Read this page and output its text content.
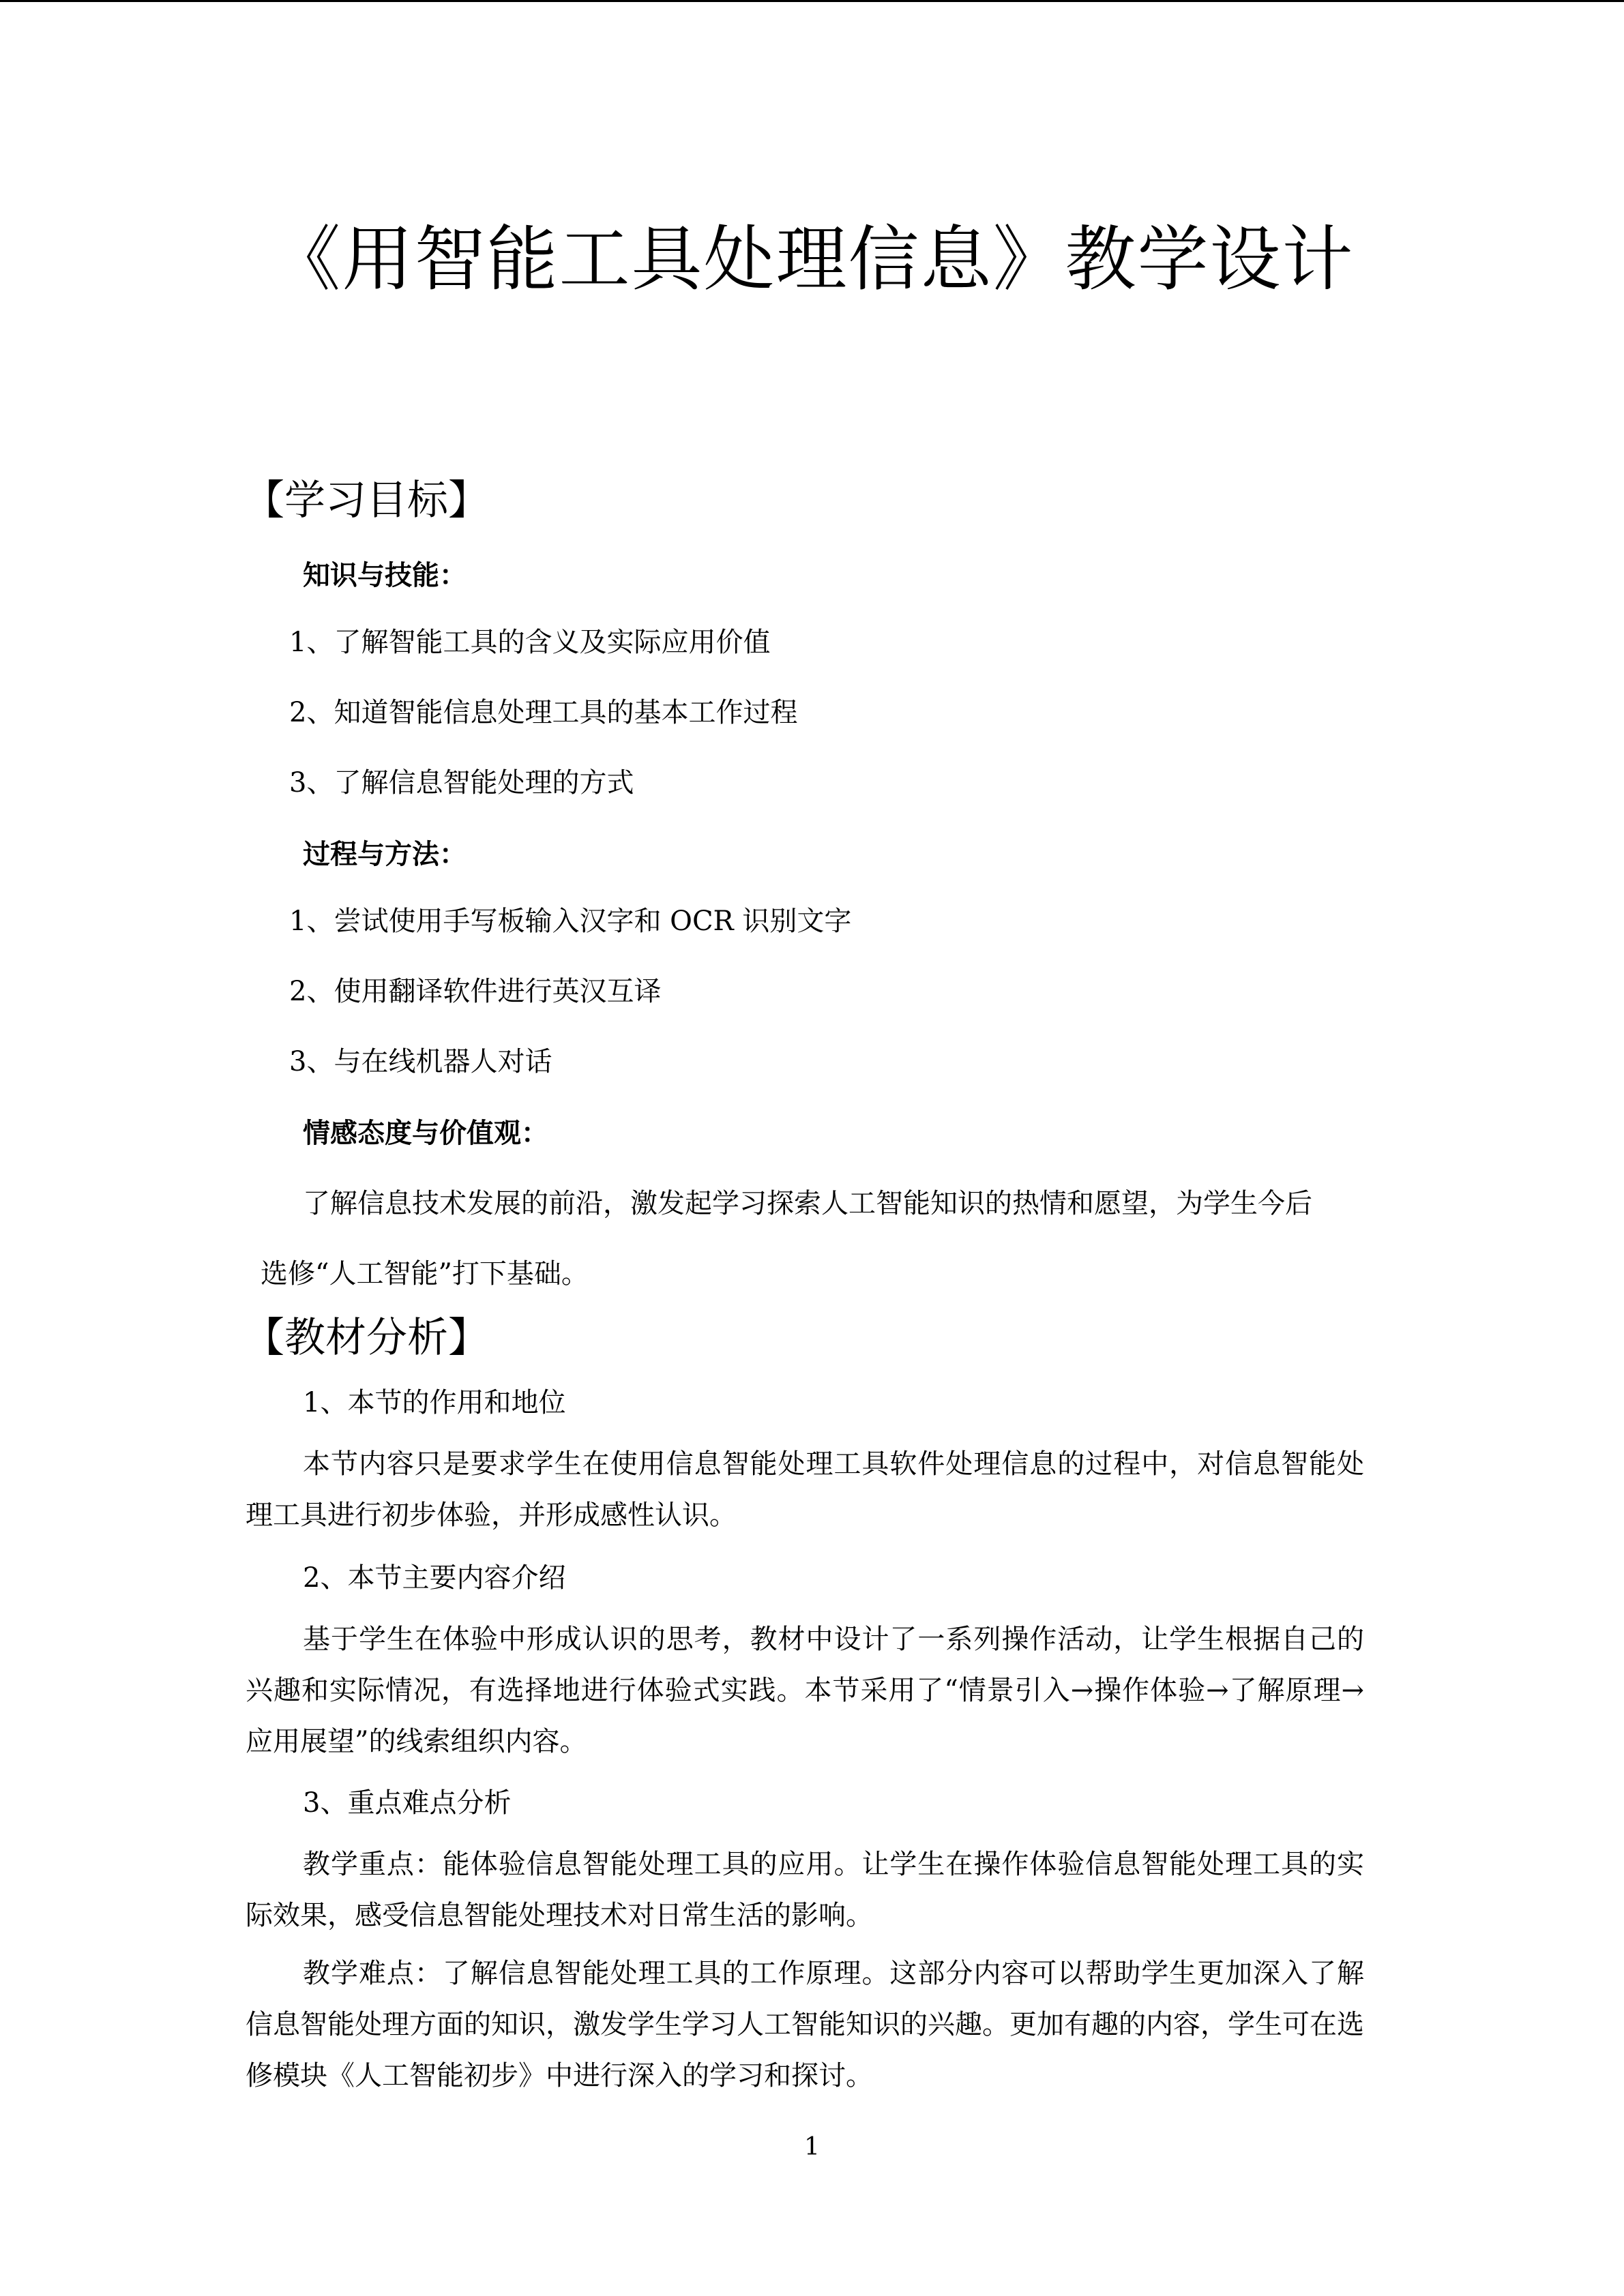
《用智能工具处理信息》教学设计
【学习目标】

知识与技能：

1、了解智能工具的含义及实际应用价值

2、知道智能信息处理工具的基本工作过程

3、了解信息智能处理的方式

过程与方法：

1、尝试使用手写板输入汉字和 OCR 识别文字

2、使用翻译软件进行英汉互译

3、与在线机器人对话

情感态度与价值观：

了解信息技术发展的前沿，激发起学习探索人工智能知识的热情和愿望，为学生今后

选修“人工智能”打下基础。

【教材分析】

1、本节的作用和地位

本节内容只是要求学生在使用信息智能处理工具软件处理信息的过程中，对信息智能处理工具进行初步体验，并形成感性认识。

2、本节主要内容介绍

基于学生在体验中形成认识的思考，教材中设计了一系列操作活动，让学生根据自己的兴趣和实际情况，有选择地进行体验式实践。本节采用了“情景引入→操作体验→了解原理→应用展望”的线索组织内容。

3、重点难点分析

教学重点：能体验信息智能处理工具的应用。让学生在操作体验信息智能处理工具的实际效果，感受信息智能处理技术对日常生活的影响。

教学难点：了解信息智能处理工具的工作原理。这部分内容可以帮助学生更加深入了解信息智能处理方面的知识，激发学生学习人工智能知识的兴趣。更加有趣的内容，学生可在选修模块《人工智能初步》中进行深入的学习和探讨。

1
